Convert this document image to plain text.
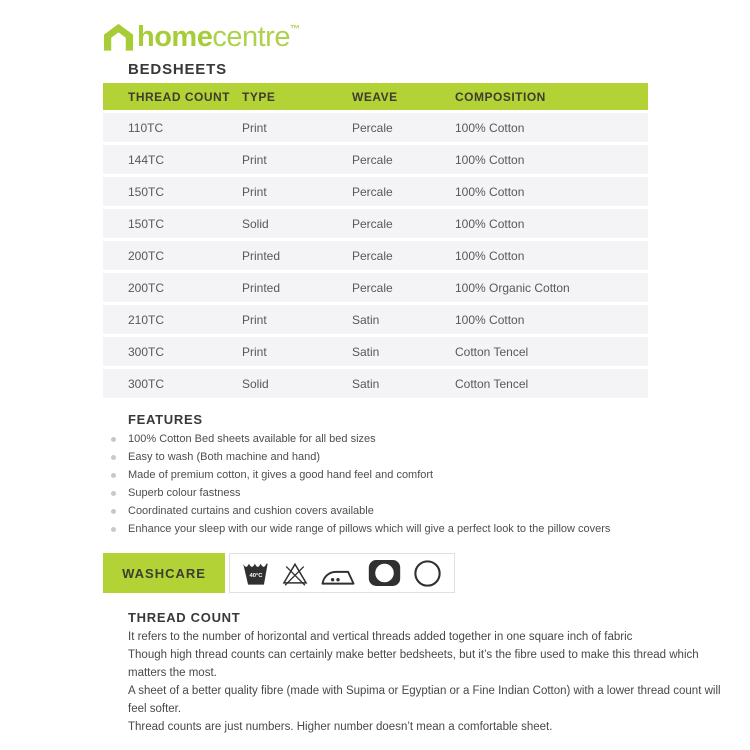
homecentre™
BEDSHEETS
THREAD COUNT	TYPE	WEAVE	COMPOSITION
110TC	Print	Percale	100% Cotton
144TC	Print	Percale	100% Cotton
150TC	Print	Percale	100% Cotton
150TC	Solid	Percale	100% Cotton
200TC	Printed	Percale	100% Cotton
200TC	Printed	Percale	100% Organic Cotton
210TC	Print	Satin	100% Cotton
300TC	Print	Satin	Cotton Tencel
300TC	Solid	Satin	Cotton Tencel
FEATURES
100% Cotton Bed sheets available for all bed sizes
Easy to wash (Both machine and hand)
Made of premium cotton, it gives a good hand feel and comfort
Superb colour fastness
Coordinated curtains and cushion covers available
Enhance your sleep with our wide range of pillows which will give a perfect look to the pillow covers
WASHCARE	40°C
THREAD COUNT
It refers to the number of horizontal and vertical threads added together in one square inch of fabric
Though high thread counts can certainly make better bedsheets, but it’s the fibre used to make this thread which
matters the most.
A sheet of a better quality fibre (made with Supima or Egyptian or a Fine Indian Cotton) with a lower thread count will
feel softer.
Thread counts are just numbers. Higher number doesn’t mean a comfortable sheet.
